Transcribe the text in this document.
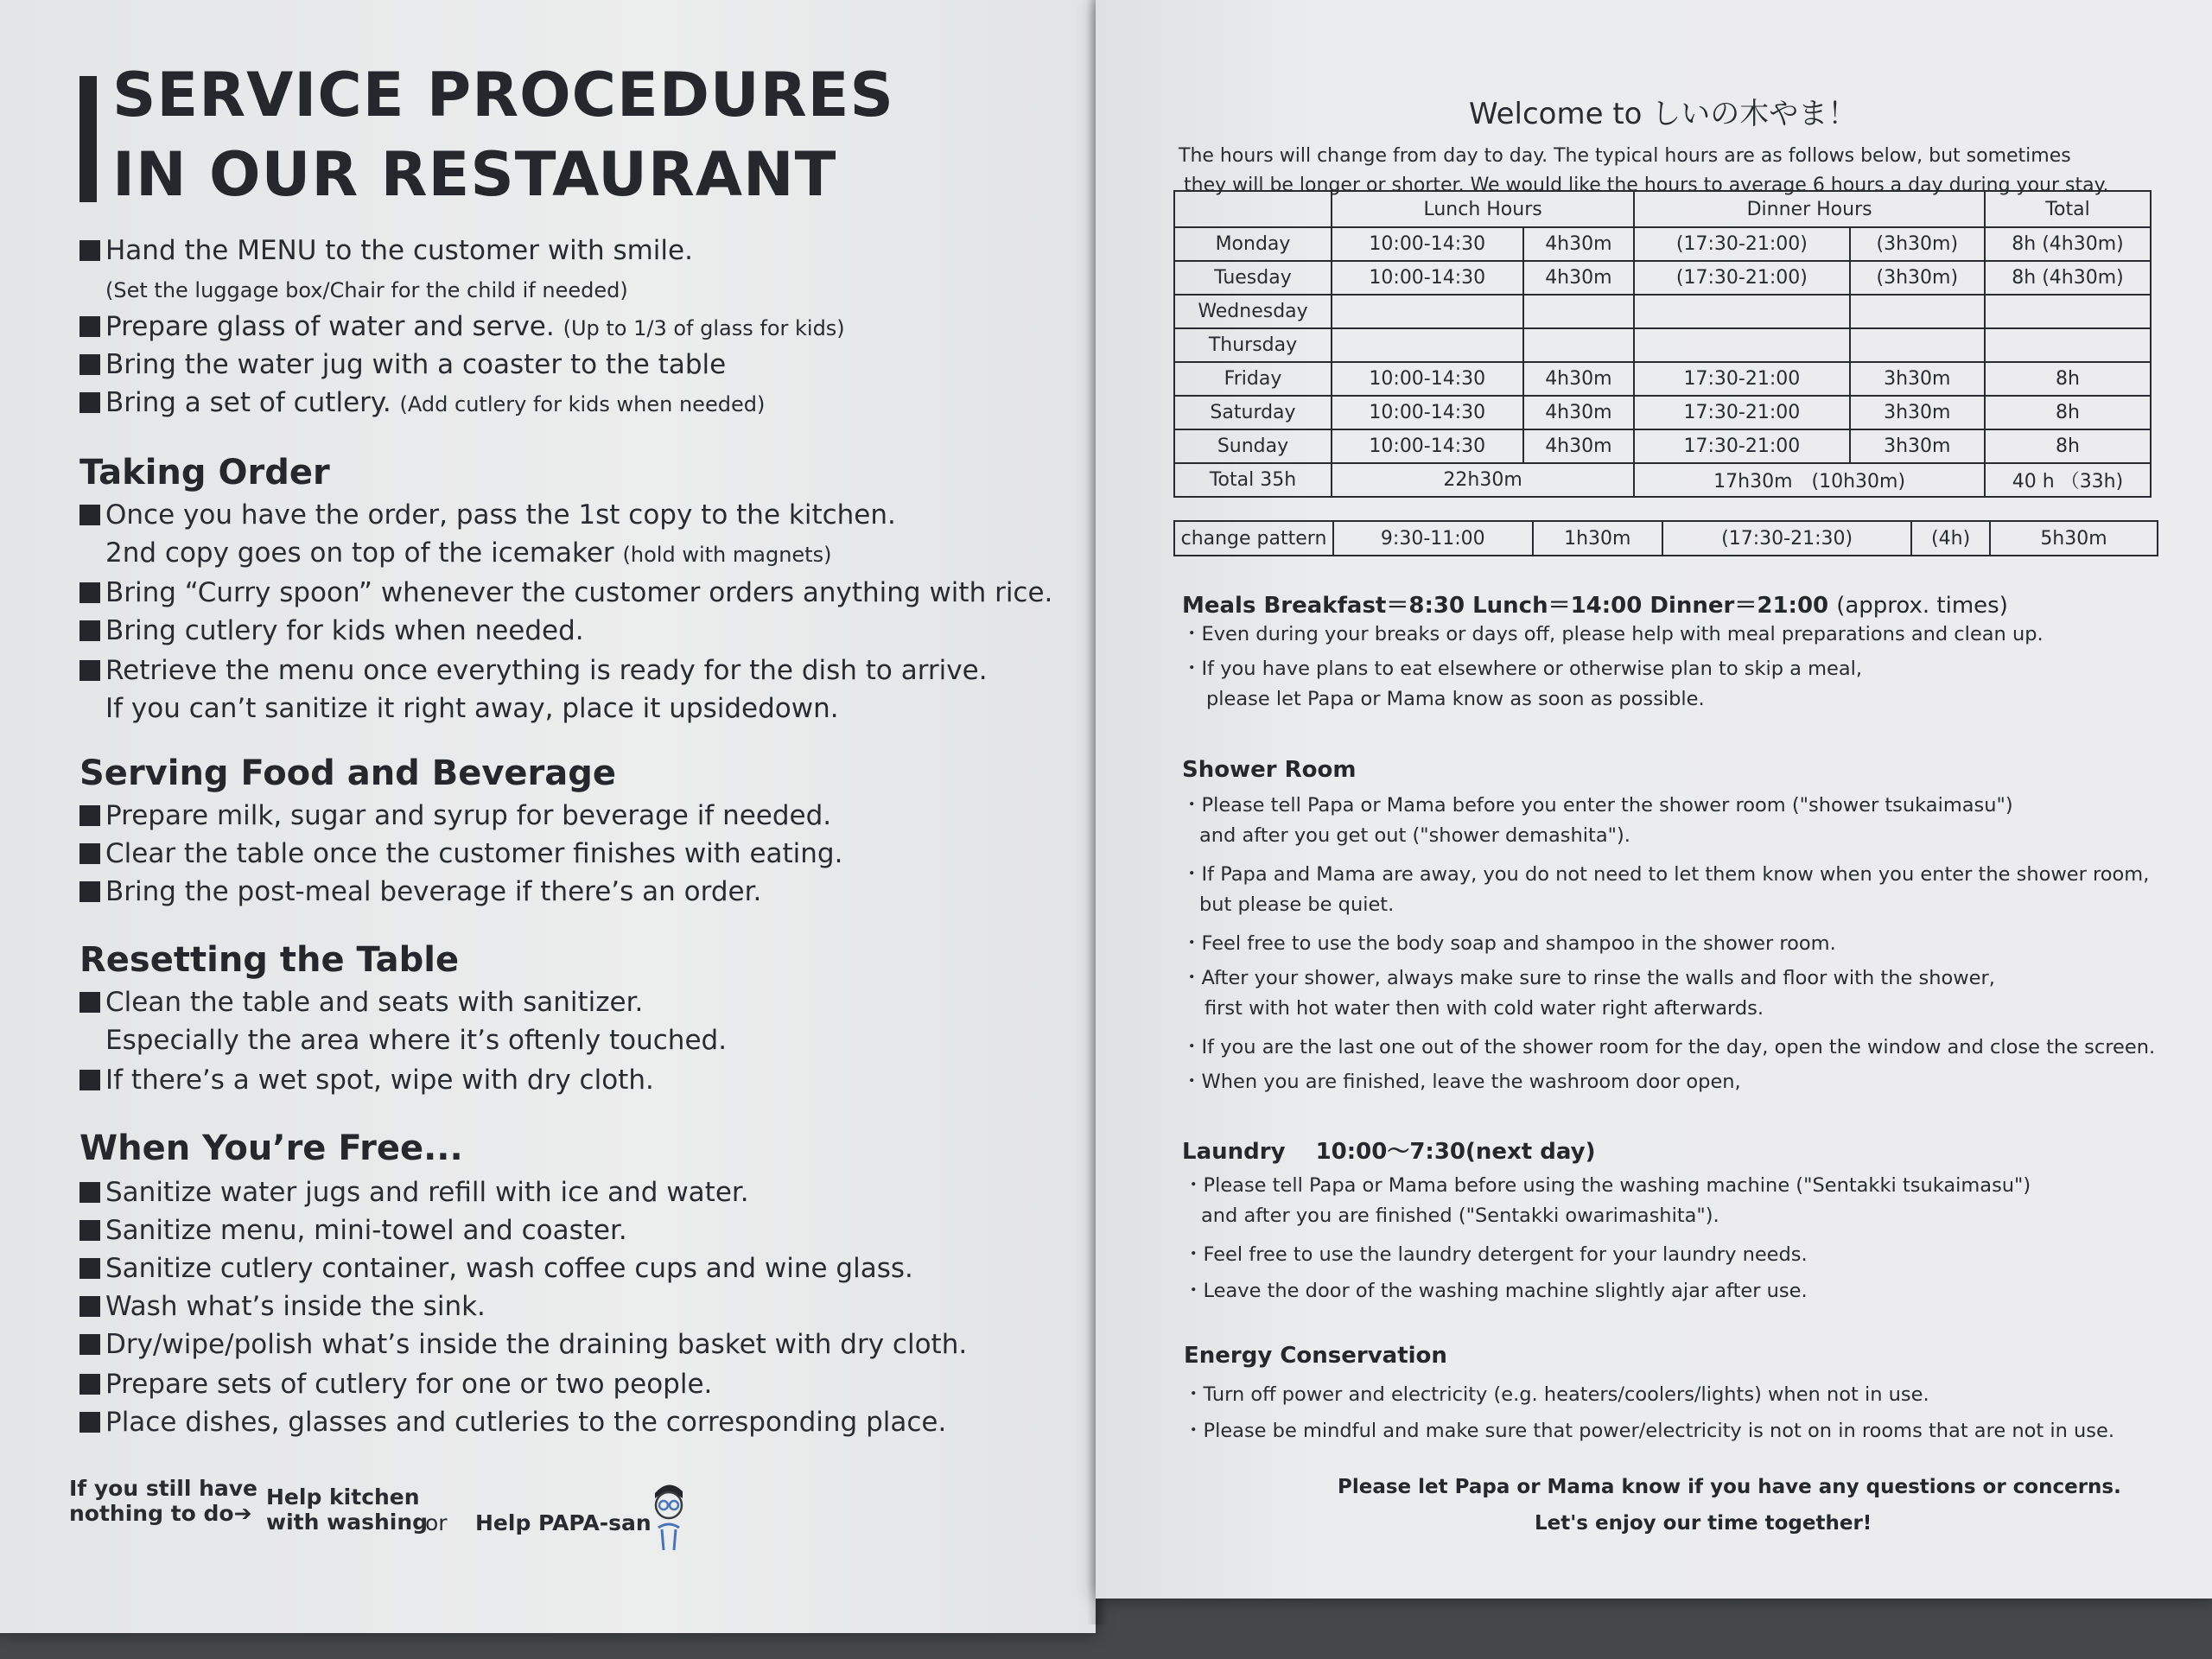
SERVICE PROCEDURES
IN OUR RESTAURANT
Hand the MENU to the customer with smile.
(Set the luggage box/Chair for the child if needed)
Prepare glass of water and serve. (Up to 1/3 of glass for kids)
Bring the water jug with a coaster to the table
Bring a set of cutlery. (Add cutlery for kids when needed)
Taking Order
Once you have the order, pass the 1st copy to the kitchen.
2nd copy goes on top of the icemaker (hold with magnets)
Bring “Curry spoon” whenever the customer orders anything with rice.
Bring cutlery for kids when needed.
Retrieve the menu once everything is ready for the dish to arrive.
If you can’t sanitize it right away, place it upsidedown.
Serving Food and Beverage
Prepare milk, sugar and syrup for beverage if needed.
Clear the table once the customer finishes with eating.
Bring the post-meal beverage if there’s an order.
Resetting the Table
Clean the table and seats with sanitizer.
Especially the area where it’s oftenly touched.
If there’s a wet spot, wipe with dry cloth.
When You’re Free...
Sanitize water jugs and refill with ice and water.
Sanitize menu, mini-towel and coaster.
Sanitize cutlery container, wash coffee cups and wine glass.
Wash what’s inside the sink.
Dry/wipe/polish what’s inside the draining basket with dry cloth.
Prepare sets of cutlery for one or two people.
Place dishes, glasses and cutleries to the corresponding place.
If you still have
nothing to do➔
Help kitchen
with washing
or Help PAPA-san
Welcome to しいの木やま！
The hours will change from day to day. The typical hours are as follows below, but sometimes
they will be longer or shorter. We would like the hours to average 6 hours a day during your stay.
	Lunch Hours		Dinner Hours		Total
Monday	10:00-14:30	4h30m	(17:30-21:00)	(3h30m)	8h (4h30m)
Tuesday	10:00-14:30	4h30m	(17:30-21:00)	(3h30m)	8h (4h30m)
Wednesday					
Thursday					
Friday	10:00-14:30	4h30m	17:30-21:00	3h30m	8h
Saturday	10:00-14:30	4h30m	17:30-21:00	3h30m	8h
Sunday	10:00-14:30	4h30m	17:30-21:00	3h30m	8h
Total 35h	22h30m		17h30m　(10h30m)		40 h （33h)
change pattern	9:30-11:00	1h30m	(17:30-21:30)	(4h)	5h30m
Meals Breakfast＝8:30 Lunch＝14:00 Dinner＝21:00 (approx. times)
・Even during your breaks or days off, please help with meal preparations and clean up.
・If you have plans to eat elsewhere or otherwise plan to skip a meal,
please let Papa or Mama know as soon as possible.
Shower Room
・Please tell Papa or Mama before you enter the shower room ("shower tsukaimasu")
and after you get out ("shower demashita").
・If Papa and Mama are away, you do not need to let them know when you enter the shower room,
but please be quiet.
・Feel free to use the body soap and shampoo in the shower room.
・After your shower, always make sure to rinse the walls and floor with the shower,
first with hot water then with cold water right afterwards.
・If you are the last one out of the shower room for the day, open the window and close the screen.
・When you are finished, leave the washroom door open,
Laundry　 10:00〜7:30(next day)
・Please tell Papa or Mama before using the washing machine ("Sentakki tsukaimasu")
and after you are finished ("Sentakki owarimashita").
・Feel free to use the laundry detergent for your laundry needs.
・Leave the door of the washing machine slightly ajar after use.
Energy Conservation
・Turn off power and electricity (e.g. heaters/coolers/lights) when not in use.
・Please be mindful and make sure that power/electricity is not on in rooms that are not in use.
Please let Papa or Mama know if you have any questions or concerns.
Let's enjoy our time together!
